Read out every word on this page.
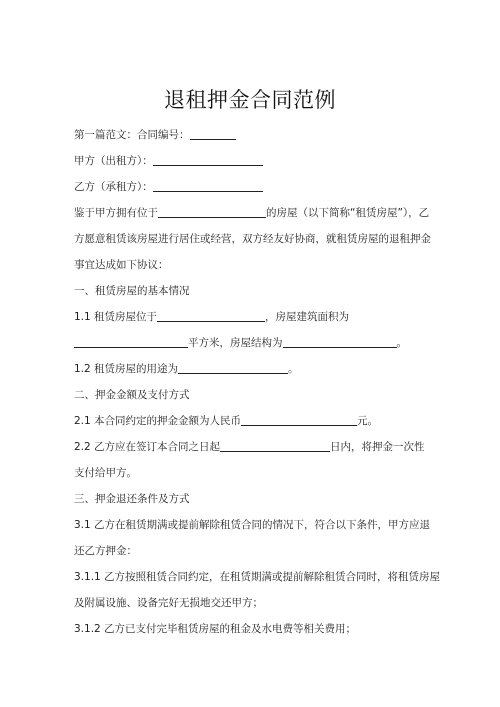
退租押金合同范例
第一篇范文：合同编号：
甲方（出租方）：
乙方（承租方）：
鉴于甲方拥有位于	的房屋（以下简称“租赁房屋”），乙
方愿意租赁该房屋进行居住或经营，双方经友好协商，就租赁房屋的退租押金
事宜达成如下协议：
一、租赁房屋的基本情况
1.1 租赁房屋位于	，房屋建筑面积为
平方米，房屋结构为	。
1.2 租赁房屋的用途为	。
二、押金金额及支付方式
2.1 本合同约定的押金金额为人民币	元。
2.2 乙方应在签订本合同之日起	日内，将押金一次性
支付给甲方。
三、押金退还条件及方式
3.1 乙方在租赁期满或提前解除租赁合同的情况下，符合以下条件，甲方应退
还乙方押金：
3.1.1 乙方按照租赁合同约定，在租赁期满或提前解除租赁合同时，将租赁房屋
及附属设施、设备完好无损地交还甲方；
3.1.2 乙方已支付完毕租赁房屋的租金及水电费等相关费用；
